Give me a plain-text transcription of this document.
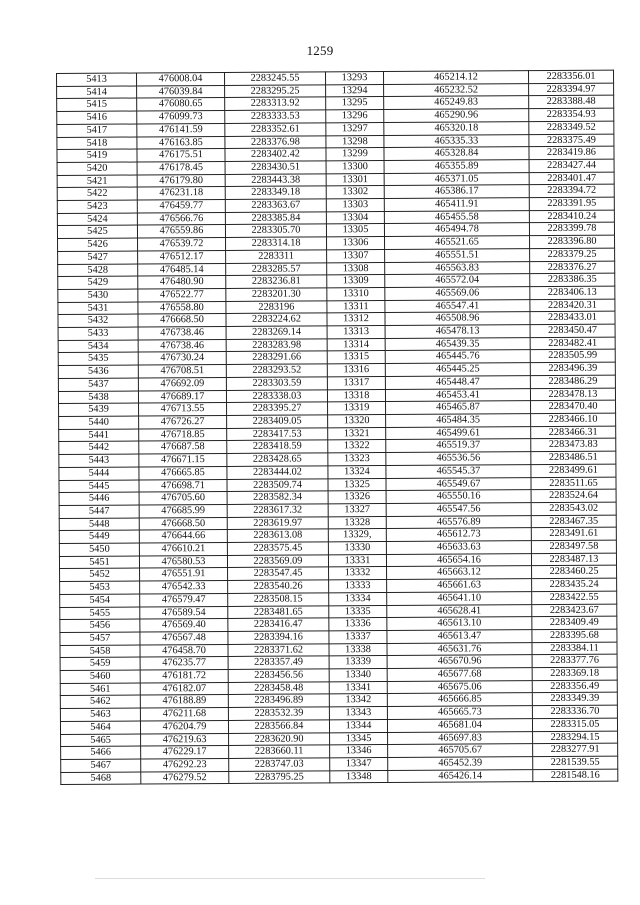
1259
5413	476008.04	2283245.55	13293	465214.12	2283356.01
5414	476039.84	2283295.25	13294	465232.52	2283394.97
5415	476080.65	2283313.92	13295	465249.83	2283388.48
5416	476099.73	2283333.53	13296	465290.96	2283354.93
5417	476141.59	2283352.61	13297	465320.18	2283349.52
5418	476163.85	2283376.98	13298	465335.33	2283375.49
5419	476175.51	2283402.42	13299	465328.84	2283419.86
5420	476178.45	2283430.51	13300	465355.89	2283427.44
5421	476179.80	2283443.38	13301	465371.05	2283401.47
5422	476231.18	2283349.18	13302	465386.17	2283394.72
5423	476459.77	2283363.67	13303	465411.91	2283391.95
5424	476566.76	2283385.84	13304	465455.58	2283410.24
5425	476559.86	2283305.70	13305	465494.78	2283399.78
5426	476539.72	2283314.18	13306	465521.65	2283396.80
5427	476512.17	2283311	13307	465551.51	2283379.25
5428	476485.14	2283285.57	13308	465563.83	2283376.27
5429	476480.90	2283236.81	13309	465572.04	2283386.35
5430	476522.77	2283201.30	13310	465569.06	2283406.13
5431	476558.80	2283196	13311	465547.41	2283420.31
5432	476668.50	2283224.62	13312	465508.96	2283433.01
5433	476738.46	2283269.14	13313	465478.13	2283450.47
5434	476738.46	2283283.98	13314	465439.35	2283482.41
5435	476730.24	2283291.66	13315	465445.76	2283505.99
5436	476708.51	2283293.52	13316	465445.25	2283496.39
5437	476692.09	2283303.59	13317	465448.47	2283486.29
5438	476689.17	2283338.03	13318	465453.41	2283478.13
5439	476713.55	2283395.27	13319	465465.87	2283470.40
5440	476726.27	2283409.05	13320	465484.35	2283466.10
5441	476718.85	2283417.53	13321	465499.61	2283466.31
5442	476687.58	2283418.59	13322	465519.37	2283473.83
5443	476671.15	2283428.65	13323	465536.56	2283486.51
5444	476665.85	2283444.02	13324	465545.37	2283499.61
5445	476698.71	2283509.74	13325	465549.67	2283511.65
5446	476705.60	2283582.34	13326	465550.16	2283524.64
5447	476685.99	2283617.32	13327	465547.56	2283543.02
5448	476668.50	2283619.97	13328	465576.89	2283467.35
5449	476644.66	2283613.08	13329,	465612.73	2283491.61
5450	476610.21	2283575.45	13330	465633.63	2283497.58
5451	476580.53	2283569.09	13331	465654.16	2283487.13
5452	476551.91	2283547.45	13332	465663.12	2283460.25
5453	476542.33	2283540.26	13333	465661.63	2283435.24
5454	476579.47	2283508.15	13334	465641.10	2283422.55
5455	476589.54	2283481.65	13335	465628.41	2283423.67
5456	476569.40	2283416.47	13336	465613.10	2283409.49
5457	476567.48	2283394.16	13337	465613.47	2283395.68
5458	476458.70	2283371.62	13338	465631.76	2283384.11
5459	476235.77	2283357.49	13339	465670.96	2283377.76
5460	476181.72	2283456.56	13340	465677.68	2283369.18
5461	476182.07	2283458.48	13341	465675.06	2283356.49
5462	476188.89	2283496.89	13342	465666.85	2283349.39
5463	476211.68	2283532.39	13343	465665.73	2283336.70
5464	476204.79	2283566.84	13344	465681.04	2283315.05
5465	476219.63	2283620.90	13345	465697.83	2283294.15
5466	476229.17	2283660.11	13346	465705.67	2283277.91
5467	476292.23	2283747.03	13347	465452.39	2281539.55
5468	476279.52	2283795.25	13348	465426.14	2281548.16
